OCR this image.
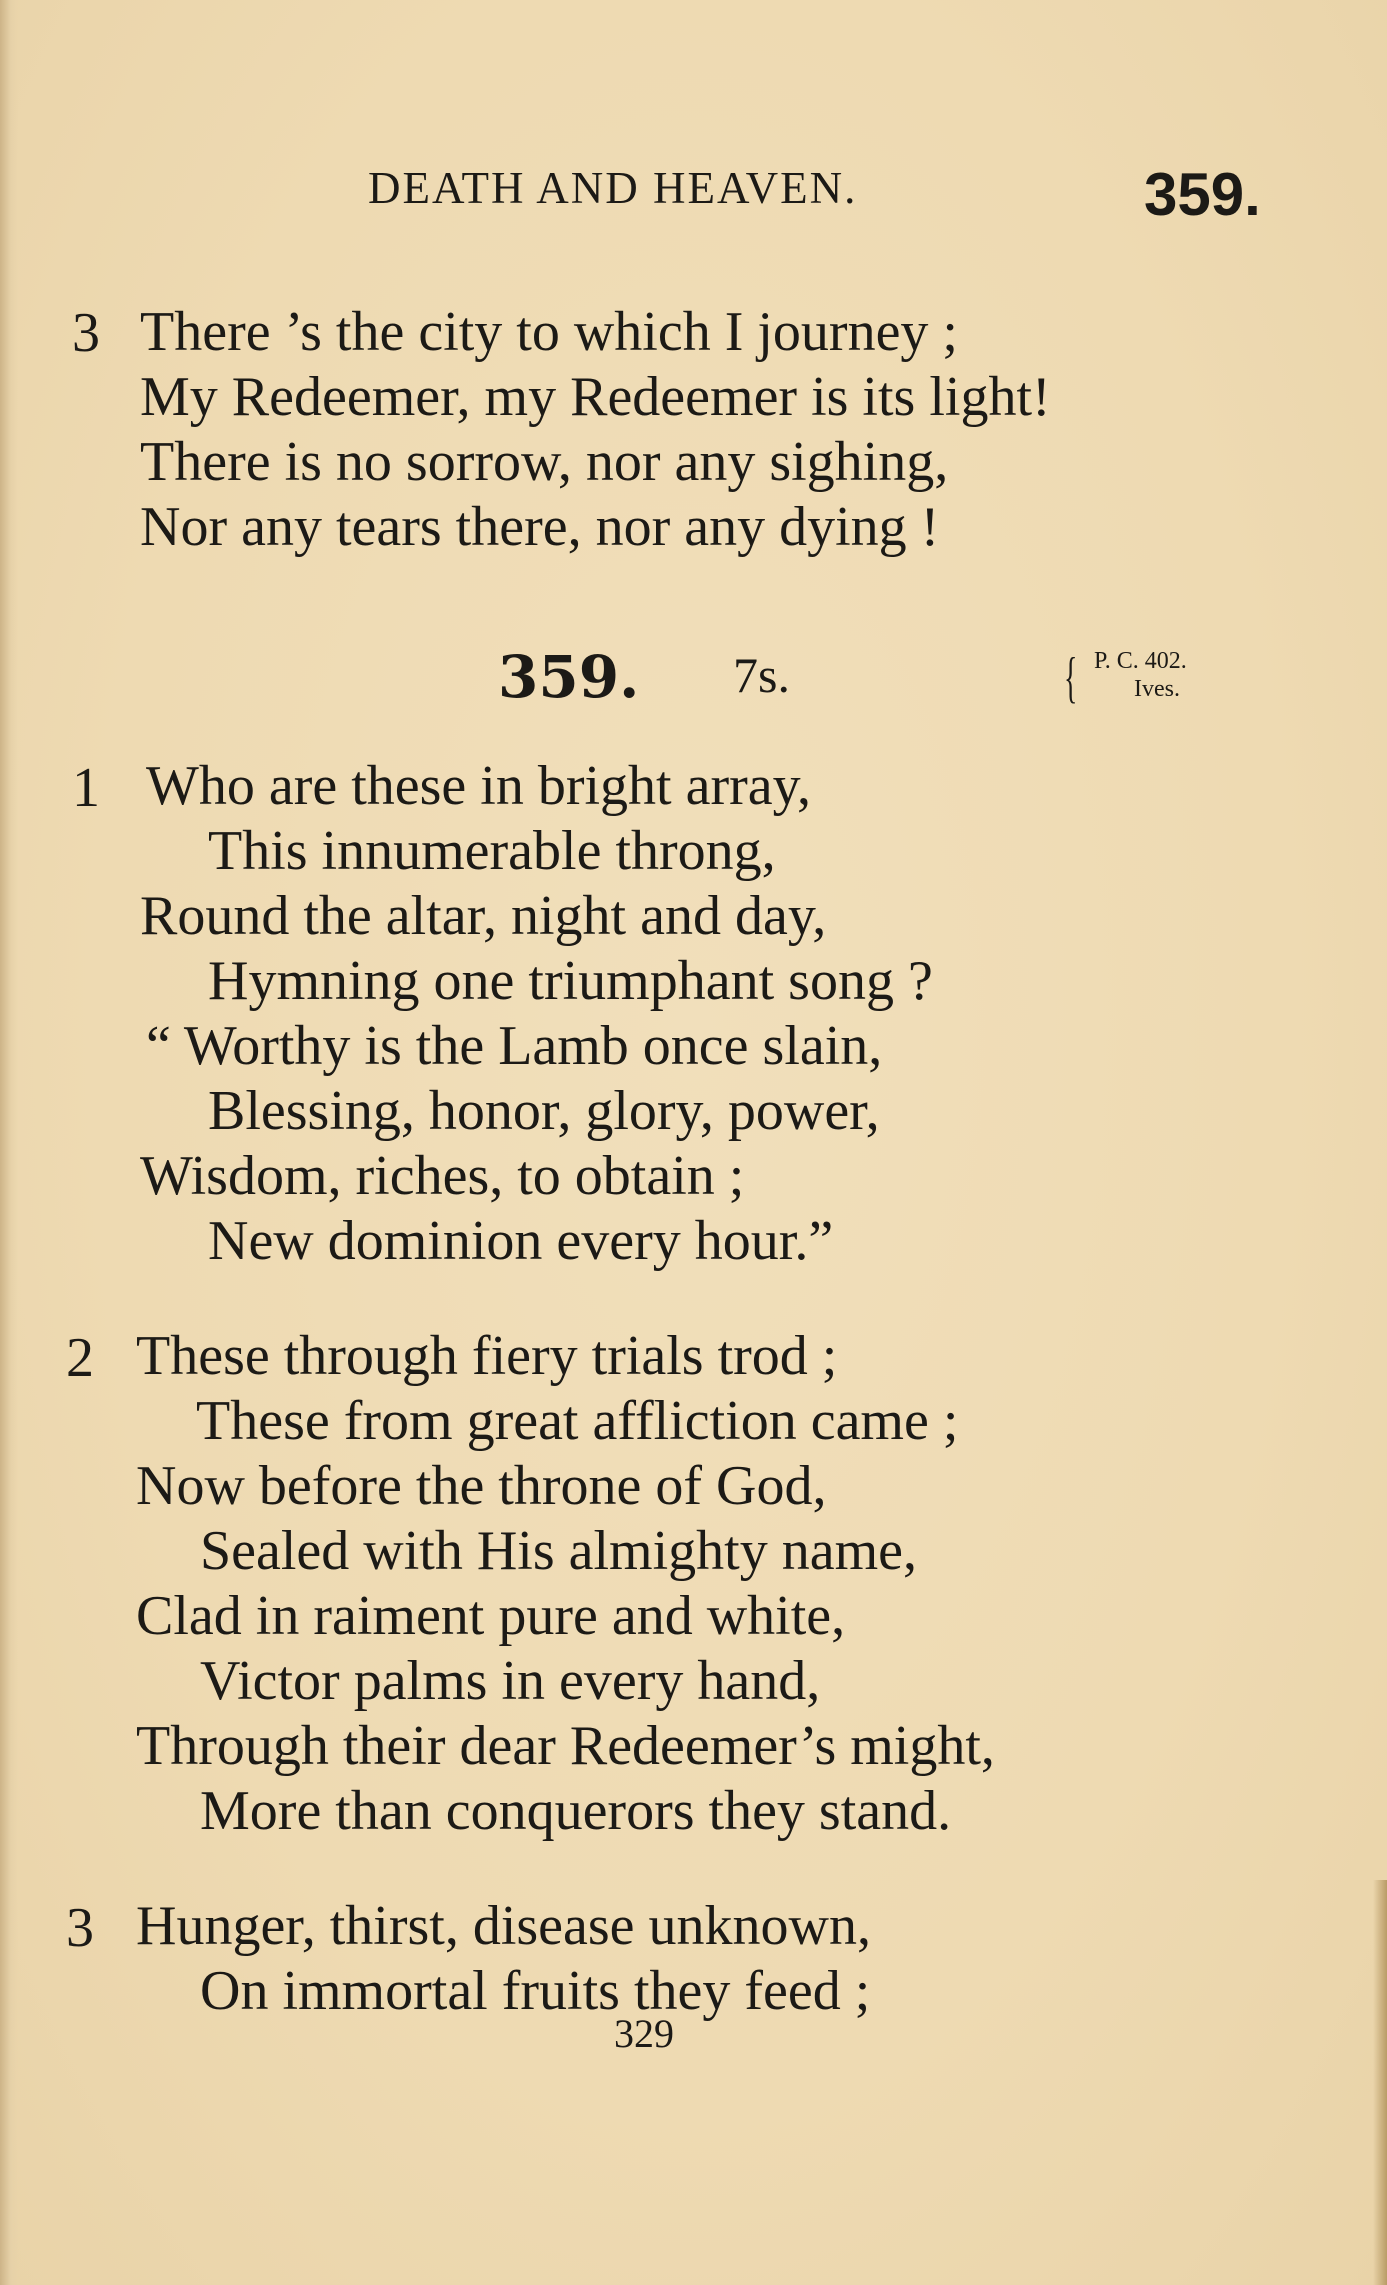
DEATH AND HEAVEN.	359.
3 There ’s the city to which I journey ;
My Redeemer, my Redeemer is its light!
There is no sorrow, nor any sighing,
Nor any tears there, nor any dying !
359. 7s.	{ P. C. 402.
Ives.
1 Who are these in bright array,
This innumerable throng,
Round the altar, night and day,
Hymning one triumphant song ?
“ Worthy is the Lamb once slain,
Blessing, honor, glory, power,
Wisdom, riches, to obtain ;
New dominion every hour.”
2 These through fiery trials trod ;
These from great affliction came ;
Now before the throne of God,
Sealed with His almighty name,
Clad in raiment pure and white,
Victor palms in every hand,
Through their dear Redeemer’s might,
More than conquerors they stand.
3 Hunger, thirst, disease unknown,
On immortal fruits they feed ;
329
